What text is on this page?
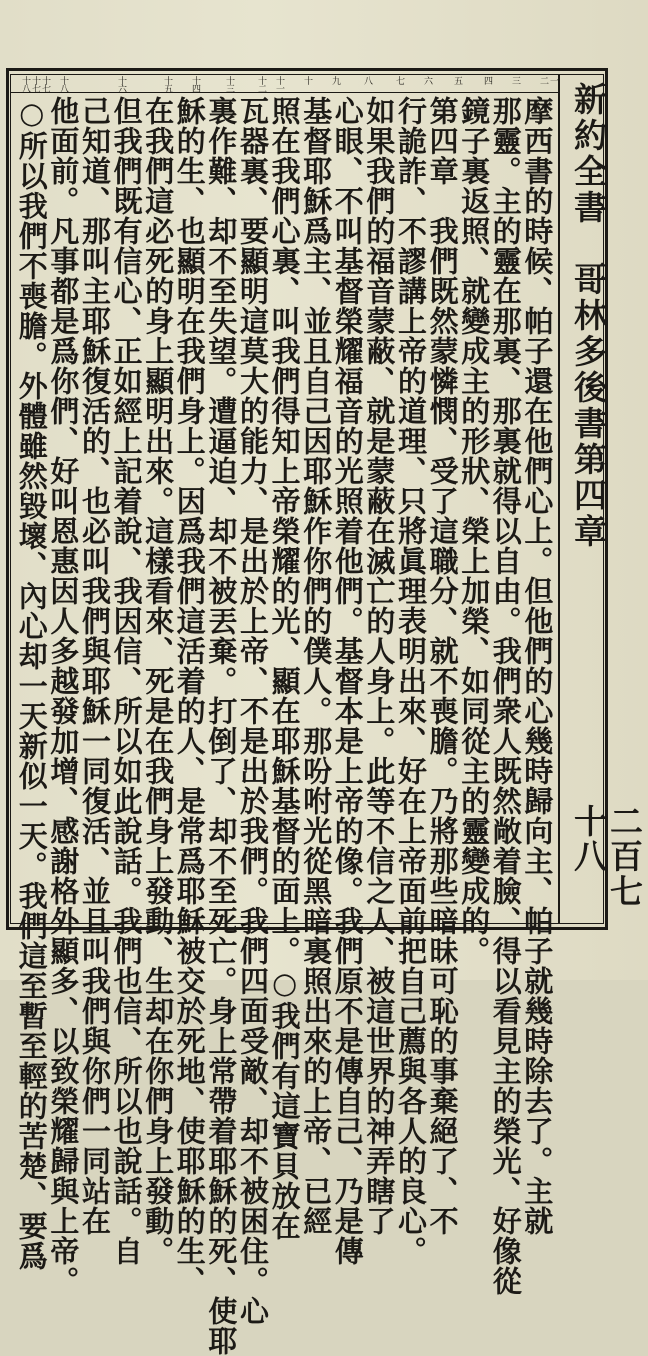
十七 十八	十六	十五 十四	十三 十二 十一 十 九 八 七 六 五 四 三 二 一
十八 十七	新約全書　哥林多後書第四章
二百七十八
摩西書的時候、帕子還在他們心上。但他們的心幾時歸向主、帕子就幾時除去了。主就
那靈。主的靈在那裏、那裏就得以自由。我們衆人既然敞着臉、得以看見主的榮光、好像從
鏡子裏返照、就變成主的形狀、榮上加榮、如同從主的靈變成的。
第四章　我們既然蒙憐憫、受了這職分、就不喪膽。乃將那些暗昧可恥的事棄絕了、不
行詭詐、不謬講上帝的道理、只將眞理表明出來、好在上帝面前把自己薦與各人的良心。
如果我們的福音蒙蔽、就是蒙蔽在滅亡的人身上。此等不信之人、被這世界的神弄瞎了
心眼、不叫基督榮耀福音的光照着他們。基督本是上帝的像。我們原不是傳自己、乃是傳
基督耶穌爲主、並且自己因耶穌作你們的僕人。那吩咐光從黑暗裏照出來的上帝、已經
照在我們心裏、叫我們得知上帝榮耀的光、顯在耶穌基督的面上。○我們有這寶貝放在
瓦器裏、要顯明這莫大的能力、是出於上帝、不是出於我們。我們四面受敵、却不被困住。心
裏作難、却不至失望。遭逼迫、却不被丟棄。打倒了、却不至死亡。身上常帶着耶穌的死、使耶
穌的生、也顯明在我們身上。因爲我們這活着的人、是常爲耶穌被交於死地、使耶穌的生、
在我們這必死的身上顯明出來。這樣看來、死是在我們身上發動、生却在你們身上發動。
但我們既有信心、正如經上記着說、我因信、所以如此說話。我們也信、所以也說話。自
己知道、那叫主耶穌復活的、也必叫我們與耶穌一同復活、並且叫我們與你們一同站在
他面前。凡事都是爲你們、好叫恩惠因人多越發加增、感謝格外顯多、以致榮耀歸與上帝。
○所以我們不喪膽。外體雖然毀壞、內心却一天新似一天。我們這至暫至輕的苦楚、要爲
